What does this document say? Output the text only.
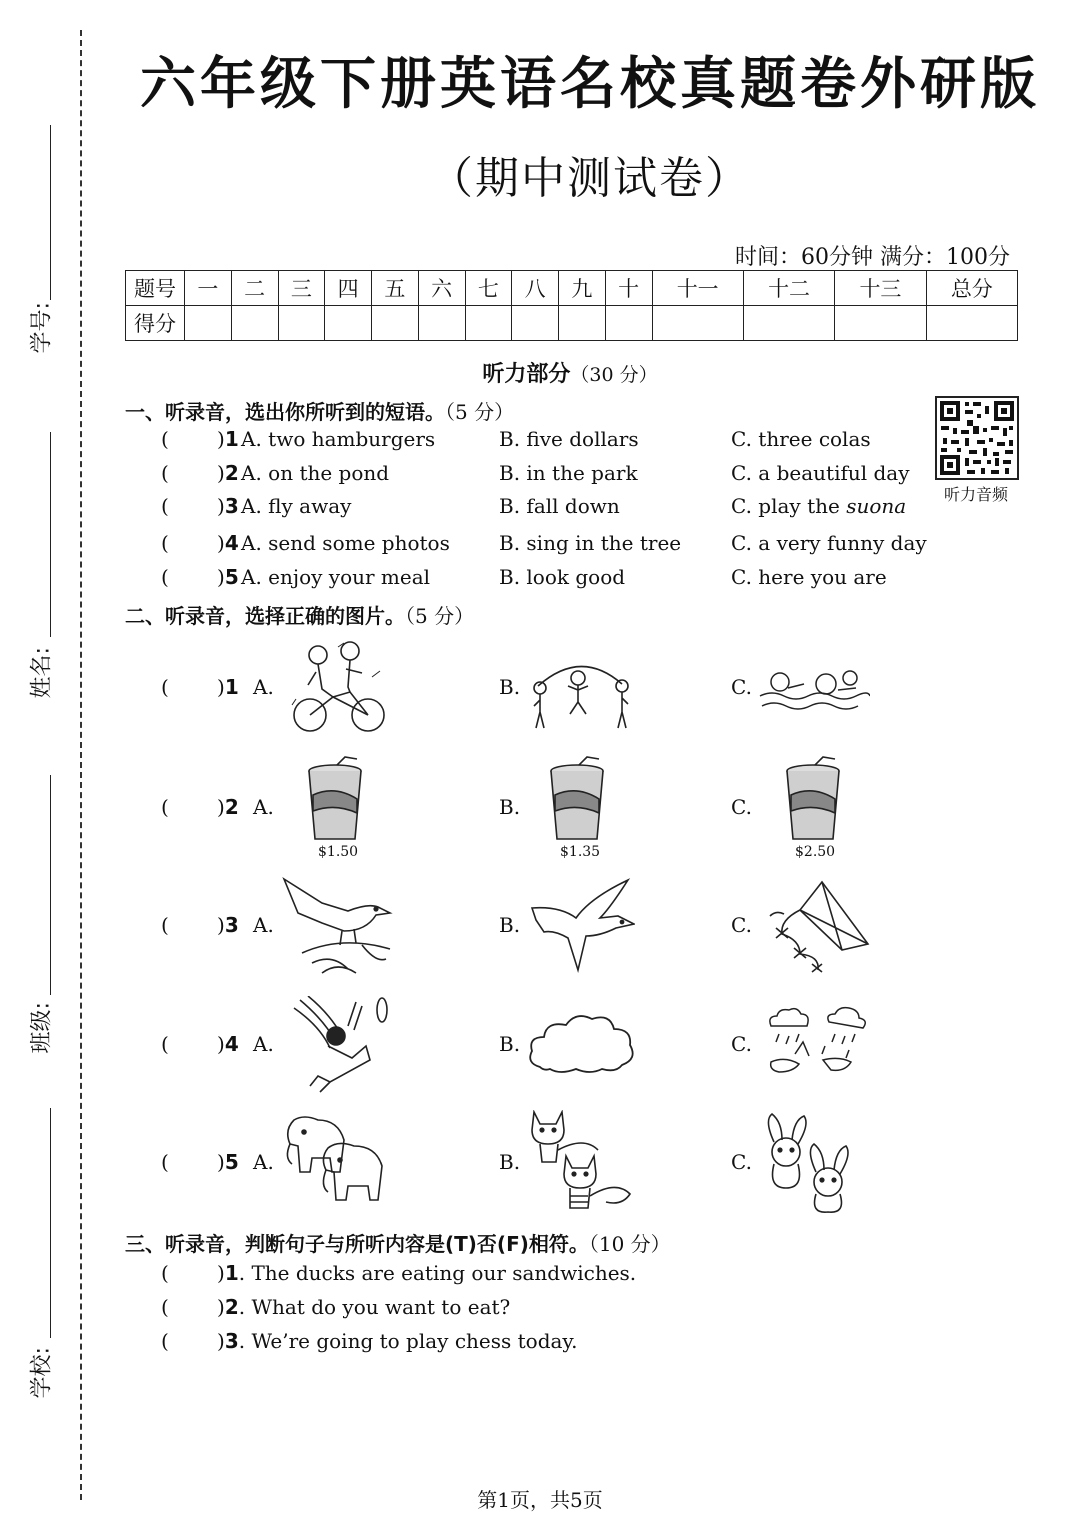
学号:
姓名:
班级:
学校:
六年级下册英语名校真题卷外研版
（期中测试卷）
时间：60分钟 满分：100分
题号	一	二	三	四	五	六	七	八	九	十	十一	十二	十三	总分
得分														
听力部分（30 分）
听力音频
一、听录音，选出你所听到的短语。（5 分）
( )1 A. two hamburgers	B. five dollars	C. three colas
( )2 A. on the pond	B. in the park	C. a beautiful day
( )3 A. fly away	B. fall down	C. play the suona
( )4 A. send some photos B. sing in the tree C. a very funny day
( )5 A. enjoy your meal	B. look good	C. here you are
二、听录音，选择正确的图片。（5 分）
( )1 A.	B.	C.
( )2 A.	B.	C.
( )3 A.	B.	C.
( )4 A.	B.	C.
( )5 A.	B.	C.
$1.50	$1.35	$2.50
三、听录音，判断句子与所听内容是(T)否(F)相符。（10 分）
( )1. The ducks are eating our sandwiches.
( )2. What do you want to eat?
( )3. We’re going to play chess today.
第1页，共5页
